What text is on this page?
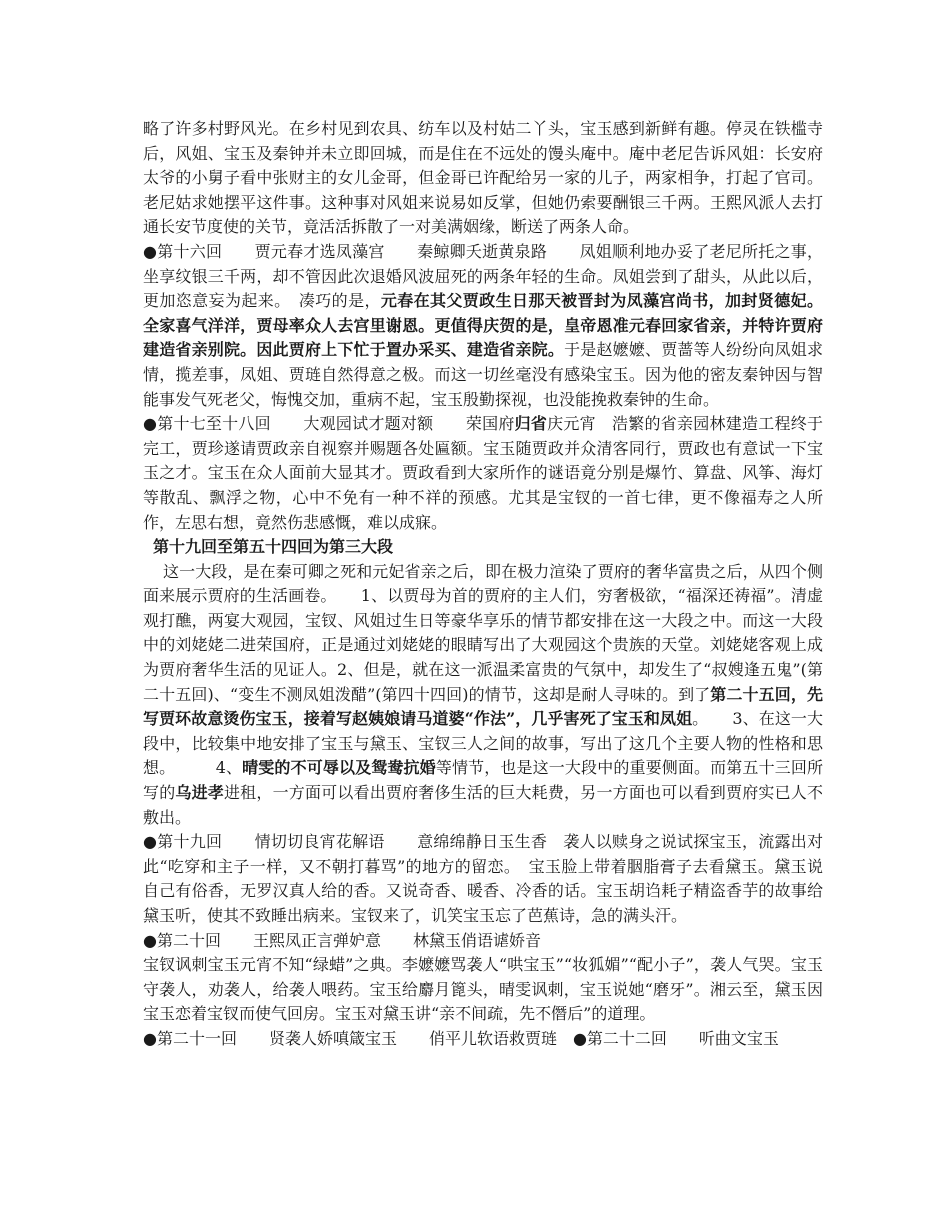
略了许多村野风光。在乡村见到农具、纺车以及村姑二丫头，宝玉感到新鲜有趣。停灵在铁槛寺后，风姐、宝玉及秦钟并未立即回城，而是住在不远处的馒头庵中。庵中老尼告诉风姐：长安府太爷的小舅子看中张财主的女儿金哥，但金哥已许配给另一家的儿子，两家相争，打起了官司。老尼姑求她摆平这件事。这种事对风姐来说易如反掌，但她仍索要酬银三千两。王熙风派人去打通长安节度使的关节，竟活活拆散了一对美满姻缘，断送了两条人命。

●第十六回　　贾元春才选凤藻宫　　秦鲸卿夭逝黄泉路　　凤姐顺利地办妥了老尼所托之事，坐享纹银三千两，却不管因此次退婚风波屈死的两条年轻的生命。凤姐尝到了甜头，从此以后，更加恣意妄为起来。　凑巧的是，元春在其父贾政生日那天被晋封为凤藻宫尚书，加封贤德妃。全家喜气洋洋，贾母率众人去宫里谢恩。更值得庆贺的是，皇帝恩准元春回家省亲，并特许贾府建造省亲别院。因此贾府上下忙于置办采买、建造省亲院。于是赵嬷嬷、贾蔷等人纷纷向凤姐求情，揽差事，凤姐、贾琏自然得意之极。而这一切丝毫没有感染宝玉。因为他的密友秦钟因与智能事发气死老父，悔愧交加，重病不起，宝玉殷勤探视，也没能挽救秦钟的生命。

●第十七至十八回　　大观园试才题对额　　荣国府归省庆元宵　浩繁的省亲园林建造工程终于完工，贾珍遂请贾政亲自视察并赐题各处匾额。宝玉随贾政并众清客同行，贾政也有意试一下宝玉之才。宝玉在众人面前大显其才。贾政看到大家所作的谜语竟分别是爆竹、算盘、风筝、海灯等散乱、飘浮之物，心中不免有一种不祥的预感。尤其是宝钗的一首七律，更不像福寿之人所作，左思右想，竟然伤悲感慨，难以成寐。

第十九回至第五十四回为第三大段

这一大段，是在秦可卿之死和元妃省亲之后，即在极力渲染了贾府的奢华富贵之后，从四个侧面来展示贾府的生活画卷。　　1、以贾母为首的贾府的主人们，穷奢极欲，“福深还祷福”。清虚观打醮，两宴大观园，宝钗、风姐过生日等豪华享乐的情节都安排在这一大段之中。而这一大段中的刘姥姥二进荣国府，正是通过刘姥姥的眼睛写出了大观园这个贵族的天堂。刘姥姥客观上成为贾府奢华生活的见证人。2、但是，就在这一派温柔富贵的气氛中，却发生了“叔嫂逢五鬼”(第二十五回)、“变生不测凤姐泼醋”(第四十四回)的情节，这却是耐人寻味的。到了第二十五回，先写贾环故意烫伤宝玉，接着写赵姨娘请马道婆“作法”，几乎害死了宝玉和凤姐。　　3、在这一大段中，比较集中地安排了宝玉与黛玉、宝钗三人之间的故事，写出了这几个主要人物的性格和思想。　　　4、晴雯的不可辱以及鸳鸯抗婚等情节，也是这一大段中的重要侧面。而第五十三回所写的乌进孝进租，一方面可以看出贾府奢侈生活的巨大耗费，另一方面也可以看到贾府实已人不敷出。

●第十九回　　情切切良宵花解语　　意绵绵静日玉生香　袭人以赎身之说试探宝玉，流露出对此“吃穿和主子一样，又不朝打暮骂”的地方的留恋。　宝玉脸上带着胭脂膏子去看黛玉。黛玉说自己有俗香，无罗汉真人给的香。又说奇香、暖香、冷香的话。宝玉胡诌耗子精盗香芋的故事给黛玉听，使其不致睡出病来。宝钗来了，讥笑宝玉忘了芭蕉诗，急的满头汗。

●第二十回　　王熙凤正言弹妒意　　林黛玉俏语谑娇音

宝钗讽刺宝玉元宵不知“绿蜡”之典。李嬷嬷骂袭人“哄宝玉”“妆狐媚”“配小子”，袭人气哭。宝玉守袭人，劝袭人，给袭人喂药。宝玉给麝月篦头，晴雯讽刺，宝玉说她“磨牙”。湘云至，黛玉因宝玉恋着宝钗而使气回房。宝玉对黛玉讲“亲不间疏，先不僭后”的道理。

●第二十一回　　贤袭人娇嗔箴宝玉　　俏平儿软语救贾琏　●第二十二回　　听曲文宝玉
